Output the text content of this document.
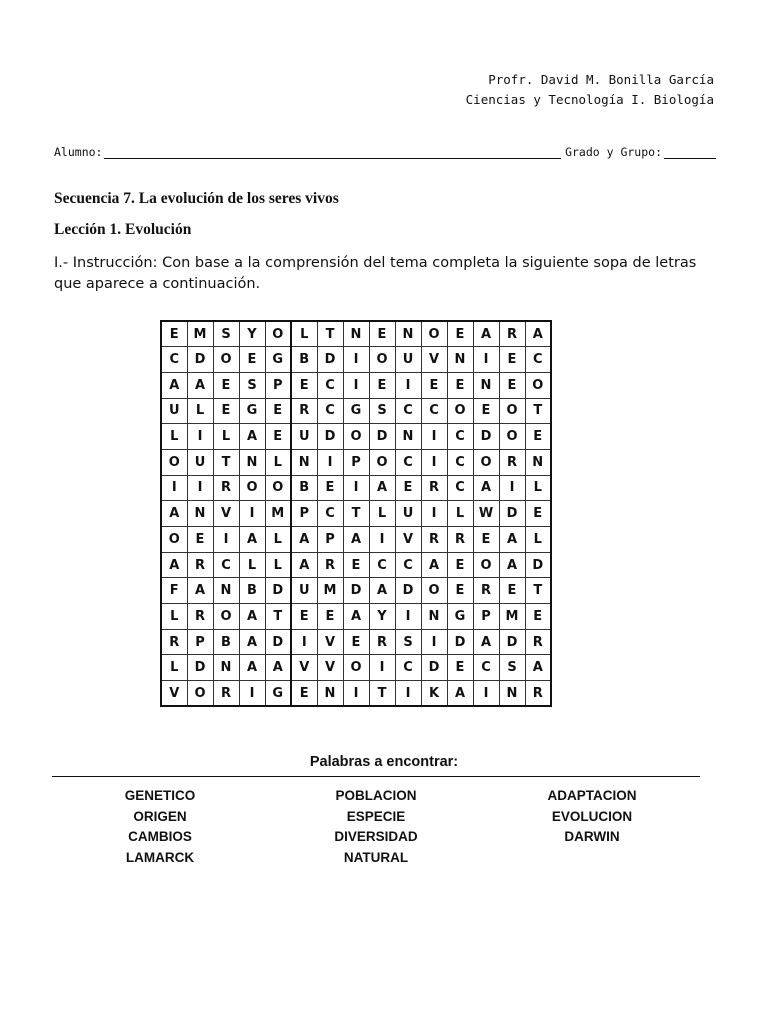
Profr. David M. Bonilla García
Ciencias y Tecnología I. Biología
Alumno:	Grado y Grupo:
Secuencia 7. La evolución de los seres vivos
Lección 1. Evolución
I.- Instrucción: Con base a la comprensión del tema completa la siguiente sopa de letras que aparece a continuación.
E	M	S	Y	O	L	T	N	E	N	O	E	A	R	A
C	D	O	E	G	B	D	I	O	U	V	N	I	E	C
A	A	E	S	P	E	C	I	E	I	E	E	N	E	O
U	L	E	G	E	R	C	G	S	C	C	O	E	O	T
L	I	L	A	E	U	D	O	D	N	I	C	D	O	E
O	U	T	N	L	N	I	P	O	C	I	C	O	R	N
I	I	R	O	O	B	E	I	A	E	R	C	A	I	L
A	N	V	I	M	P	C	T	L	U	I	L	W	D	E
O	E	I	A	L	A	P	A	I	V	R	R	E	A	L
A	R	C	L	L	A	R	E	C	C	A	E	O	A	D
F	A	N	B	D	U	M	D	A	D	O	E	R	E	T
L	R	O	A	T	E	E	A	Y	I	N	G	P	M	E
R	P	B	A	D	I	V	E	R	S	I	D	A	D	R
L	D	N	A	A	V	V	O	I	C	D	E	C	S	A
V	O	R	I	G	E	N	I	T	I	K	A	I	N	R
Palabras a encontrar:
GENETICO
ORIGEN
CAMBIOS
LAMARCK
POBLACION
ESPECIE
DIVERSIDAD
NATURAL
ADAPTACION
EVOLUCION
DARWIN
